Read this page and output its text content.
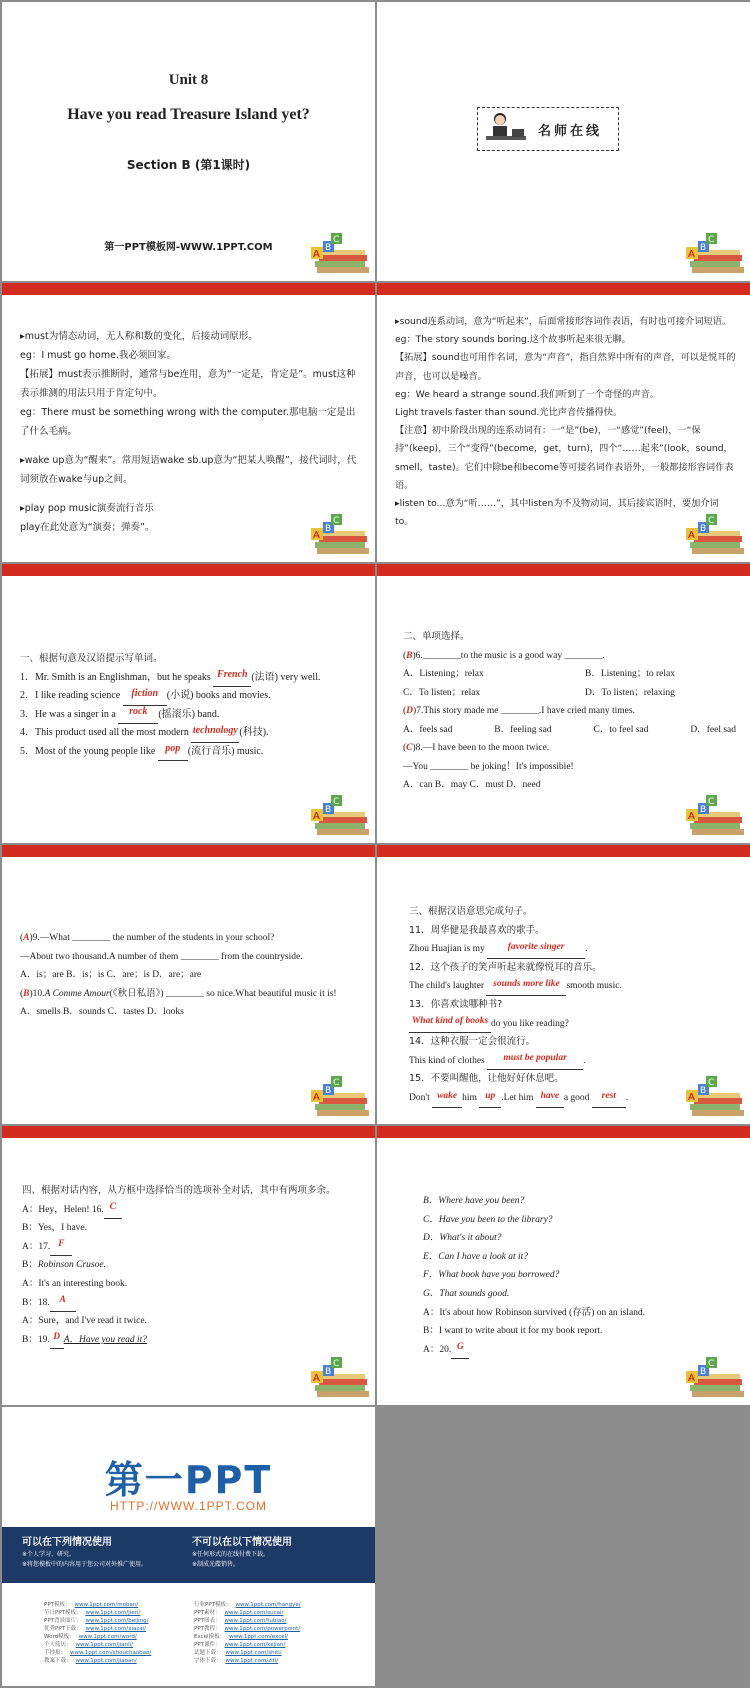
Unit 8
Have you read Treasure Island yet?
Section B (第1课时)
第一PPT模板网-WWW.1PPT.COM
A
B
C
名师在线
A
B
C

▸must为情态动词，无人称和数的变化，后接动词原形。

eg：I must go home.我必须回家。

【拓展】must表示推断时，通常与be连用，意为“一定是，肯定是”。must这种表示推测的用法只用于肯定句中。

eg：There must be something wrong with the computer.那电脑一定是出了什么毛病。

▸wake up意为“醒来”。常用短语wake sb.up意为“把某人唤醒”，接代词时，代词须放在wake与up之间。

▸play pop music演奏流行音乐

play在此处意为“演奏；弹奏”。

A
B
C

▸sound连系动词，意为“听起来”，后面常接形容词作表语，有时也可接介词短语。

eg：The story sounds boring.这个故事听起来很无聊。

【拓展】sound也可用作名词，意为“声音”，指自然界中所有的声音，可以是悦耳的声音，也可以是噪音。

eg：We heard a strange sound.我们听到了一个奇怪的声音。

Light travels faster than sound.光比声音传播得快。

【注意】初中阶段出现的连系动词有：一“是”(be)，一“感觉”(feel)，一“保持”(keep)，三个“变得”(become，get，turn)，四个“……起来”(look，sound，smell，taste)。它们中除be和become等可接名词作表语外，一般都接形容词作表语。

▸listen to...意为“听……”，其中listen为不及物动词，其后接宾语时，要加介词to。

A
B
C

一、根据句意及汉语提示写单词。

1．Mr. Smith is an Englishman，but he speaks French (法语) very well.

2．I like reading science fiction (小说) books and movies.

3．He was a singer in a rock (摇滚乐) band.

4．This product used all the most modern technology (科技).

5．Most of the young people like pop (流行音乐) music.

A
B
C

二、单项选择。

(B)6.________to the music is a good way ________.

A．Listening；relax	B．Listening；to relax

C．To listen；relax	D．To listen；relaxing

(D)7.This story made me ________.I have cried many times.

A．feels sad	B．feeling sad	C．to feel sad	D．feel sad

(C)8.—I have been to the moon twice.

—You ________ be joking！It's impossible!

A．can B．may C．must D．need

A
B
C

(A)9.—What ________ the number of the students in your school?

—About two thousand.A number of them ________ from the countryside.

A．is；are B．is；is C．are；is D．are；are

(B)10.A Comme Amour(《秋日私语》) ________ so nice.What beautiful music it is!

A．smells B．sounds C．tastes D．looks

A
B
C

三、根据汉语意思完成句子。

11．周华健是我最喜欢的歌手。

Zhou Huajian is my favorite singer .

12．这个孩子的笑声听起来就像悦耳的音乐。

The child's laughter sounds more like smooth music.

13．你喜欢读哪种书?

What kind of books do you like reading?

14．这种衣服一定会很流行。

This kind of clothes must be popular .

15．不要叫醒他，让他好好休息吧。

Don't wake him up .Let him have a good rest .	A
B
C

四、根据对话内容，从方框中选择恰当的选项补全对话，其中有两项多余。

A：Hey，Helen! 16. C

B：Yes，I have.

A：17. F

B：Robinson Crusoe.

A：It's an interesting book.

B：18. A

A：Sure，and I've read it twice.

B：19. D A．Have you read it?

A
B
C

B．Where have you been?

C．Have you been to the library?

D．What's it about?

E．Can I have a look at it?

F．What book have you borrowed?

G．That sounds good.

A：It's about how Robinson survived (存活) on an island.

B：I want to write about it for my book report.

A：20. G

A
B
C
第一PPT
HTTP://WWW.1PPT.COM
可以在下列情况使用
※个人学习、研究。
※将您模板中的内容用于您公司对外推广使用。
不可以在以下情况使用
※任何形式的在线付费下载。
※制成光碟销售。
PPT模板： www.1ppt.com/moban/
节日PPT模板： www.1ppt.com/jieri/
PPT背景图片： www.1ppt.com/beijing/
优秀PPT下载： www.1ppt.com/xiazai/
Word模板： www.1ppt.com/word/
个人简历： www.1ppt.com/jianli/
手抄报： www.1ppt.com/shouchaobao/
教案下载： www.1ppt.com/jiaoan/
行业PPT模板： www.1ppt.com/hangye/
PPT素材： www.1ppt.com/sucai/
PPT图表： www.1ppt.com/tubiao/
PPT教程： www.1ppt.com/powerpoint/
Excel模板： www.1ppt.com/excel/
PPT课件： www.1ppt.com/kejian/
试题下载： www.1ppt.com/shiti/
字体下载： www.1ppt.com/ziti/
